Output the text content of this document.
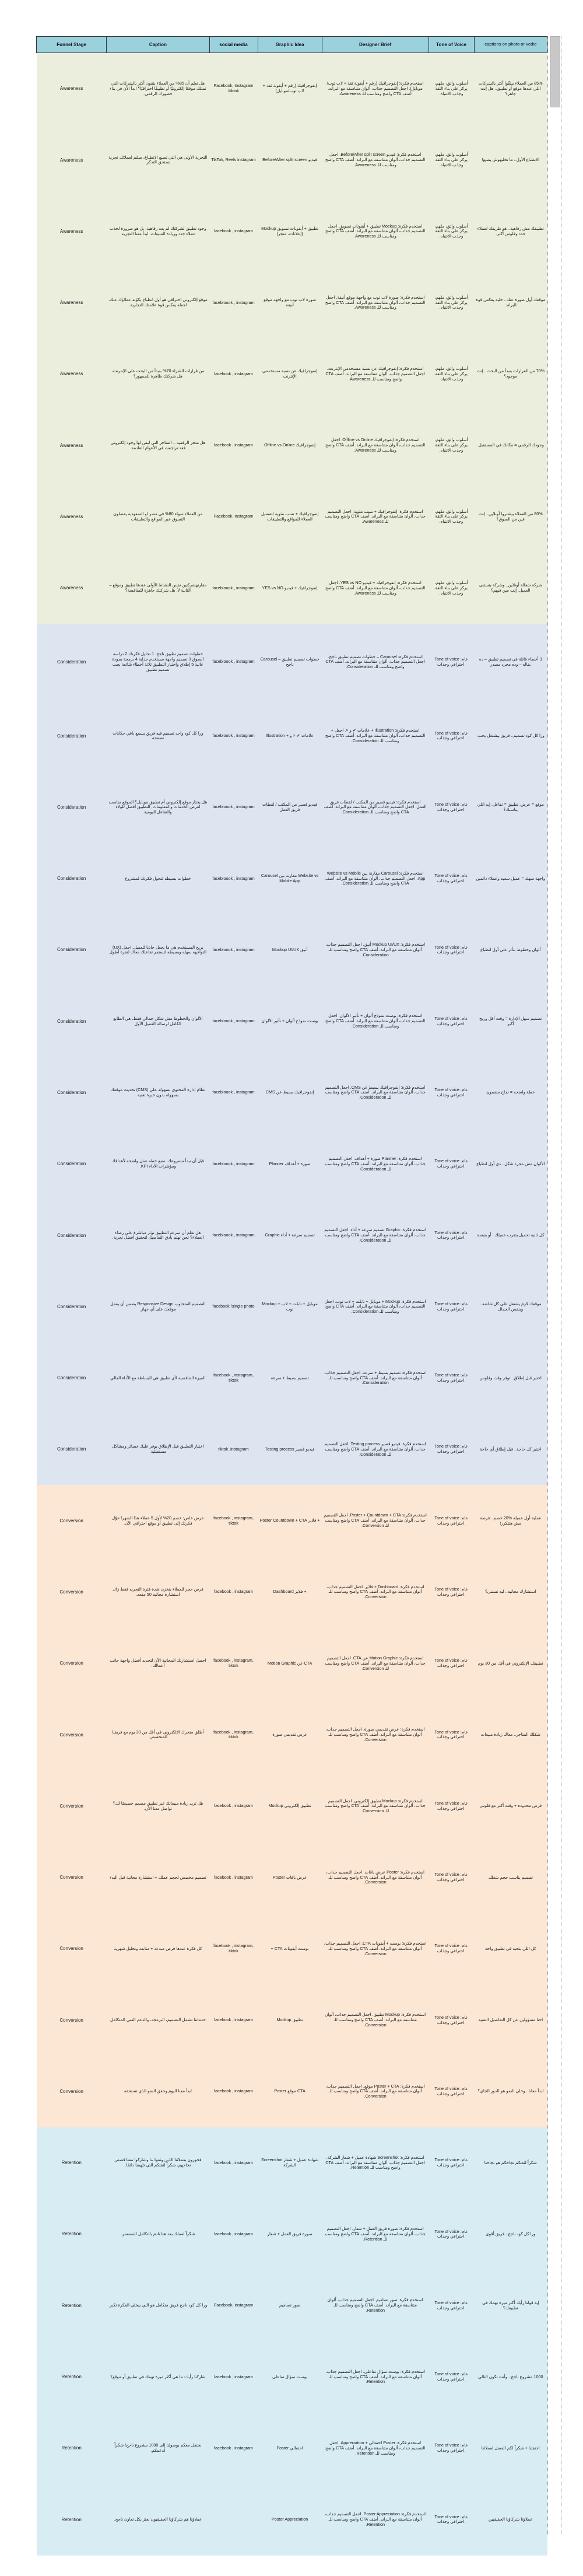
Funnel Stage	Caption	social media	Graphic Idea	Designer Brief	Tone of Voice	captions on photo or vedio
Awareness	هل تعلم أن 85% من العملاء يثقون أكثر بالشركات التي تمتلك موقعًا إلكترونيًا أو تطبيقًا احترافيًا؟ ابدأ الآن في بناء حضورك الرقمي.	Facebook, Instagram /tiktok	إنفوجرافيك (رقم + أيقونة ثقة + لاب توب/موبايل)	استخدم فكرة: إنفوجرافيك (رقم + أيقونة ثقة + لاب توب/موبايل). اجعل التصميم جذاب، ألوان متناسقة مع البراند. أضف CTA واضح ومناسب للـ Awareness.	أسلوب واثق، ملهم، يركز على بناء الثقة وجذب الانتباه.	85% من العملاء بيثقّوا أكتر بالشركات اللي عندها موقع أو تطبيق.. هل إنت جاهز؟
Awareness	التجربة الأولى هي التي تصنع الانطباع، صمّم لعملائك تجربة تستحق التذكر.	TikTok, Reels instagram	فيديو Before/After split screen	استخدم فكرة: فيديو Before/After split screen. اجعل التصميم جذاب، ألوان متناسقة مع البراند. أضف CTA واضح ومناسب للـ Awareness.	أسلوب واثق، ملهم، يركز على بناء الثقة وجذب الانتباه.	الانطباع الأول.. ما تخليهوش يضيع!
Awareness	وجود تطبيق لشركتك لم يعد رفاهية، بل هو ضرورة لجذب عملاء جدد وزيادة المبيعات. ابدأ معنا التجربة.	facebook , instagram	Mockup تطبيق + أيقونات تسويق (إعلانات، متجر)	استخدم فكرة: Mockup تطبيق + أيقونات تسويق. اجعل التصميم جذاب، ألوان متناسقة مع البراند. أضف CTA واضح ومناسب للـ Awareness.	أسلوب واثق، ملهم، يركز على بناء الثقة وجذب الانتباه.	تطبيقك مش رفاهية.. هو طريقك لعملاء جدد وفلوس أكتر.
Awareness	موقع إلكتروني احترافي هو أول انطباع يكوّنه عملاؤك عنك، اجعله يعكس قوة علامتك التجارية.	facebloook , instagram	صورة لاب توب مع واجهة موقع أنيقة	استخدم فكرة: صورة لاب توب مع واجهة موقع أنيقة. اجعل التصميم جذاب، ألوان متناسقة مع البراند. أضف CTA واضح ومناسب للـ Awareness.	أسلوب واثق، ملهم، يركز على بناء الثقة وجذب الانتباه.	موقعك أول صورة عنك.. خليه يعكس قوة البراند.
Awareness	من قرارات الشراء 70% بتبدأ من البحث على الإنترنت، هل شركتك ظاهرة للجمهور؟	facebook , instagram	إنفوجرافيك عن نسبة مستخدمي الإنترنت	استخدم فكرة: إنفوجرافيك عن نسبة مستخدمي الإنترنت. اجعل التصميم جذاب، ألوان متناسقة مع البراند. أضف CTA واضح ومناسب للـ Awareness.	أسلوب واثق، ملهم، يركز على بناء الثقة وجذب الانتباه.	70% من القرارات بتبدأ من البحث.. إنت موجود؟
Awareness	هل متجر الرقمية – المتاجر التي ليس لها وجود إلكتروني فقد تراجعت في الأعوام القادمة.	facebook , instagram	إنفوجرافيك Offline vs Online	استخدم فكرة: إنفوجرافيك Offline vs Online. اجعل التصميم جذاب، ألوان متناسقة مع البراند. أضف CTA واضح ومناسب للـ Awareness.	أسلوب واثق، ملهم، يركز على بناء الثقة وجذب الانتباه.	وجودك الرقمي = مكانك في المستقبل.
Awareness	من العملاء سواء 80% في مصر او السعوديه يفضلون التسوق عبر المواقع والتطبيقات	Facebook, Instagram	إنفوجرافيك + نسب مئوية لتفضيل العملاء للمواقع والتطبيقات	استخدم فكرة: إنفوجرافيك + نسب مئوية. اجعل التصميم جذاب، ألوان متناسقة مع البراند. أضف CTA واضح ومناسب للـ Awareness.	أسلوب واثق، ملهم، يركز على بناء الثقة وجذب الانتباه.	80% من العملاء بيشتروا أونلاين.. إنت فين من السوق؟
Awareness	مقارنهشركتين نفس النشاط الأولى عندها تطبيق وموقع – الثانية لأ. هل شركتك جاهزة للمنافسة؟	facebloook , instagram	إنفوجرافيك + فيديو YES vs NO	استخدم فكرة: إنفوجرافيك + فيديو YES vs NO. اجعل التصميم جذاب، ألوان متناسقة مع البراند. أضف CTA واضح ومناسب للـ Awareness.	أسلوب واثق، ملهم، يركز على بناء الثقة وجذب الانتباه.	شركة شغالة أونلاين.. وشركة بتستنى العميل. إنت مين فيهم؟
Consideration	خطوات تصميم تطبيق ناجح: 1 تحليل فكرتك 2 دراسة السوق 3 تصميم واجهة مستخدم جذابة 4 برمجة بجودة عالية 5 إطلاق واختبار التطبيق ثلاثة أخطاء شائعة بحب تصميم تطبيق	facebloook , instagram	Carousel – خطوات تصميم تطبيق ناجح	استخدم فكرة: Carousel – خطوات تصميم تطبيق ناجح. اجعل التصميم جذاب، ألوان متناسقة مع البراند. أضف CTA واضح ومناسب للـ Consideration.	Tone of voice عام: احترافي وجذاب.	3 أخطاء قاتلة في تصميم تطبيق – ده بقاله – وده مجرد مصدر
Consideration	ورا كل كود واحد تصميم فيه فريق يسمع باقي حكايات تصفحه	facebloook , instagram	Illustration + علامات ✔ × و	استخدم فكرة: Illustration + علامات ✔ و ×. اجعل + التصميم جذاب، ألوان متناسقة مع البراند. أضف CTA واضح ومناسب للـ Consideration.	Tone of voice عام: احترافي وجذاب.	ورا كل كود تصميم.. فريق بيشتغل بحب.
Consideration	هل يختار موقع إلكتروني أم تطبيق موبايل؟ الموقع مناسب لعرض الخدمات والمعلومات, التطبيق أفضل للولاء والتفاعل اليومية	facebloook , instagram	فيديو قصير من المكتب / لقطات فريق العمل	استخدم فكرة: فيديو قصير من المكتب / لقطات فريق العمل. اجعل التصميم جذاب، ألوان متناسقة مع البراند. أضف CTA واضح ومناسب للـ Consideration.	Tone of voice عام: احترافي وجذاب.	موقع = عرض. تطبيق = تفاعل. إيه اللي يناسبك؟
Consideration	خطوات بسيطه لتحول فكرتك لمشروع	facebloook , instagram	Carousel مقارنة بين Website vs Mobile App	استخدم فكرة: Carousel مقارنة بين Website vs Mobile App. اجعل التصميم جذاب، ألوان متناسقة مع البراند. أضف CTA واضح ومناسب للـ Consideration.	Tone of voice عام: احترافي وجذاب.	واجهة سهلة = عميل سعيد وعملاء دائمين
Consideration	(UX) يريح المستخدم هي ما يجعل جاذبا للعميل, اجعل التواجهه سهله وبسيطه لتستمر تفاعلك معاك لفترة أطول	facebloook , instagram	أنيق Mockup UI/UX	استخدم فكرة: Mockup UI/UX أنيق. اجعل التصميم جذاب، ألوان متناسقة مع البراند. أضف CTA واضح ومناسب للـ Consideration.	Tone of voice عام: احترافي وجذاب.	ألوان وخطوط بتأثر على أول انطباع
Consideration	الألوان والخطوط مش شكل جمالي فقط، هي الطابع الكامل لرسالة العميل الأول	facebloook , instagram	بوست نموذج ألوان + تأثير الألوان	استخدم فكرة: بوست نموذج ألوان + تأثير الألوان. اجعل التصميم جذاب، ألوان متناسقة مع البراند. أضف CTA واضح ومناسب للـ Consideration.	Tone of voice عام: احترافي وجذاب.	تصميم سهل الإدارة = وقت أقل وربح أكبر
Consideration	نظام إدارة المحتوى بسهولة على (CMS) تحديث موقعك بسهولة بدون خبرة تقنية	facebloook , instagram	إنفوجرافيك بسيط عن CMS	استخدم فكرة: إنفوجرافيك بسيط عن CMS. اجعل التصميم جذاب، ألوان متناسقة مع البراند. أضف CTA واضح ومناسب للـ Consideration.	Tone of voice عام: احترافي وجذاب.	خطة واضحه = نجاح مضمون
Consideration	قبل أن نبدأ مشروعك، نضع خطة عمل واضحة لأهدافك ومؤشرات الأداء KPI.	facebloook , instagram	Planner صورة + أهداف	استخدم فكرة: Planner صورة + أهداف. اجعل التصميم جذاب، ألوان متناسقة مع البراند. أضف CTA واضح ومناسب للـ Consideration.	Tone of voice عام: احترافي وجذاب.	الألوان مش مجرد شكل.. دي أول انطباع
Consideration	هل تعلم أن سرعة التطبيق تؤثر مباشرة على رضاء العملاء؟ نحن نهتم بأدق التفاصيل لتحقيق أفضل تجربة.	facebloook , instagram	Graphic تصميم سرعة + أداء	استخدم فكرة: Graphic تصميم سرعة + أداء. اجعل التصميم جذاب، ألوان متناسقة مع البراند. أضف CTA واضح ومناسب للـ Consideration.	Tone of voice عام: احترافي وجذاب.	كل ثانية تحميل بتقرب عميلك.. أو بتبعده
Consideration	التصميم المتجاوب Responsive Design يضمن أن يعمل موقعك على أي جهاز.	facebook /single photo	Mockup + موبايل + تابلت + لاب توب	استخدم فكرة: Mockup + موبايل + تابلت + لاب توب. اجعل التصميم جذاب، ألوان متناسقة مع البراند. أضف CTA واضح ومناسب للـ Consideration.	Tone of voice عام: احترافي وجذاب.	موقعك لازم يشتغل على كل شاشة.. وبنفس الجمال
Consideration	الميزة التنافسية لأي تطبيق هي البساطة مع الأداء العالي	facebook , instagram, tiktok	تصميم بسيط + سرعة	استخدم فكرة: تصميم بسيط + سرعة. اجعل التصميم جذاب، ألوان متناسقة مع البراند. أضف CTA واضح ومناسب للـ Consideration.	Tone of voice عام: احترافي وجذاب.	اختبر قبل إطلاق.. توفر وقت وفلوس
Consideration	اختبار التطبيق قبل الإطلاق يوفر عليك خسائر ومشاكل مستقبلية.	tiktok ,instagram	فيديو قصير Testing process	استخدم فكرة: فيديو قصير Testing process. اجعل التصميم جذاب، ألوان متناسقة مع البراند. أضف CTA واضح ومناسب للـ Consideration.	Tone of voice عام: احترافي وجذاب.	اختبر كل حاجة.. قبل إطلاق أي حاجة
Conversion	عرض خاص: خصم 20% لأول 5 عملاء هذا الشهر! حوّل فكرتك إلى تطبيق أو موقع احترافي الآن.	facebook , instagram, tiktok	+ فلاير Poster Countdown + CTA	استخدم فكرة: Poster + Countdown + CTA. اجعل التصميم جذاب، ألوان متناسقة مع البراند. أضف CTA واضح ومناسب للـ Conversion.	Tone of voice عام: احترافي وجذاب.	عملية أول عميله %20 خصم.. فرصة مش هتتكرر!
Conversion	فرص حجز للعملاء بنخزن شدة فترة التجربه فقط زائد استشارة مجانيه 50 مقعد.	facebook , instagram	+ فلاير Dashboard	استخدم فكرة: Dashboard + فلاير. اجعل التصميم جذاب، ألوان متناسقة مع البراند. أضف CTA واضح ومناسب للـ Conversion.	Tone of voice عام: احترافي وجذاب.	استشارك مجانيه.. ليه تستنى؟
Conversion	احصل استشارتك المجانية الآن لتحديد أفضل واجهة جانب أعمالك.	facebook , instagram, tiktok	Motion Graphic عن CTA	استخدم فكرة: Motion Graphic عن CTA. اجعل التصميم جذاب، ألوان متناسقة مع البراند. أضف CTA واضح ومناسب للـ Conversion.	Tone of voice عام: احترافي وجذاب.	تطبيقك الإلكتروني في أقل من 30 يوم
Conversion	أطلق متجرك الإلكتروني في أقل من 30 يوم مع فريقنا المتخصص.	facebook , instagram, tiktok	عرض تقديمي صورة	استخدم فكرة: عرض تقديمي صورة. اجعل التصميم جذاب، ألوان متناسقة مع البراند. أضف CTA واضح ومناسب للـ Conversion.	Tone of voice عام: احترافي وجذاب.	شكلك المتاجر.. معاك زيادة مبيعات
Conversion	هل تريد زيادة مبيعاتك عبر تطبيق مصمم خصيصًا لك؟ تواصل معنا الآن.	facebook , instagram	Mockup تطبيق إلكتروني	استخدم فكرة: Mockup تطبيق إلكتروني. اجعل التصميم جذاب، ألوان متناسقة مع البراند. أضف CTA واضح ومناسب للـ Conversion.	Tone of voice عام: احترافي وجذاب.	فرص محدوده + وقت أكتر مع فلوس
Conversion	تصميم مخصص لحجم عملك + استشارة مجانية قبل البدء	facebook , instagram	Poster عرض باقات	استخدم فكرة: Poster عرض باقات. اجعل التصميم جذاب، ألوان متناسقة مع البراند. أضف CTA واضح ومناسب للـ Conversion.	Tone of voice عام: احترافي وجذاب.	تصميم يناسب حجم شغلك
Conversion	كل فكرة عندها فرص مبدعة + متابعة وتحليل شهرية	facebook , instagram, tiktok	بوست أيقونات CTA +	استخدم فكرة: بوست + أيقونات CTA. اجعل التصميم جذاب، ألوان متناسقة مع البراند. أضف CTA واضح ومناسب للـ Conversion.	Tone of voice عام: احترافي وجذاب.	كل اللي بتحبه في تطبيق واحد
Conversion	خدماتنا تشمل التصميم، البرمجة، والدعم الفني المتكامل	facebook , instagram	Mockup تطبيق	استخدم فكرة: Mockup تطبيق. اجعل التصميم جذاب، ألوان متناسقة مع البراند. أضف CTA واضح ومناسب للـ Conversion.	Tone of voice عام: احترافي وجذاب.	احنا مسؤولين عن كل التفاصيل التقنية
Conversion	ابدأ معنا اليوم وحقق النمو الذي تستحقه	facebook , instagram	Poster موقع CTA	استخدم فكرة: Poster + CTA موقع. اجعل التصميم جذاب، ألوان متناسقة مع البراند. أضف CTA واضح ومناسب للـ Conversion.	Tone of voice عام: احترافي وجذاب.	ابدأ معانا.. وخلي النمو هو الدور الجاي؟
Retention	فخورون بعملائنا الذين وثقوا بنا وشاركوا معنا قصص نجاحهم، شكراً لثقتكم التي تلهمنا دائمًا.	facebook , instagram	Screenshot شهادة عميل + شعار الشركة	استخدم فكرة: Screenshot شهادة عميل + شعار الشركة. اجعل التصميم جذاب، ألوان متناسقة مع البراند. أضف CTA واضح ومناسب للـ Retention.	Tone of voice عام: احترافي وجذاب.	شكراً لثقتكم نجاحكم هو نجاحنا
Retention	شكراً لعملك بعد هنا نادم بالتكامل للمستمر.	facebook , instagram	صورة فريق العمل + شعار	استخدم فكرة: صورة فريق العمل + شعار. اجعل التصميم جذاب، ألوان متناسقة مع البراند. أضف CTA واضح ومناسب للـ Retention.	Tone of voice عام: احترافي وجذاب.	ورا كل كود ناجح.. فريق أقوى
Retention	ورا كل كود ناجح فريق متكامل هو اللي بيخلي الفكرة تكبر.	Facebook, instagram	صور تصاميم	استخدم فكرة: صور تصاميم. اجعل التصميم جذاب، ألوان متناسقة مع البراند. أضف CTA واضح ومناسب للـ Retention.	Tone of voice عام: احترافي وجذاب.	إيه قولنا رأيك أكتر ميزة تهمك في تطبيقك؟
Retention	شاركنا رأيك: ما هي أكثر ميزة تهمك في تطبيق أو موقع؟	facebook , instagram	بوست سؤال تفاعلي	استخدم فكرة: بوست سؤال تفاعلي. اجعل التصميم جذاب، ألوان متناسقة مع البراند. أضف CTA واضح ومناسب للـ Retention.	Tone of voice عام: احترافي وجذاب.	1000 مشروع ناجح.. وأنت تكون التالي
Retention	نحتفل معكم بوصولنا إلى 1000 مشروع ناجح! شكراً لدعمكم.	facebook , instagram	Poster احتفالي	استخدم فكرة: Poster احتفالي + Appreciation. اجعل التصميم جذاب، ألوان متناسقة مع البراند. أضف CTA واضح ومناسب للـ Retention.	Tone of voice عام: احترافي وجذاب.	احتفلنا + شكراً لكم الفضل لعملائنا
Retention	عملاؤنا هم شركاؤنا الحقيقيون نعتز بكل تعاون ناجح.		Poster Appreciation	استخدم فكرة: Poster Appreciation. اجعل التصميم جذاب، ألوان متناسقة مع البراند. أضف CTA واضح ومناسب للـ Retention.	Tone of voice عام: احترافي وجذاب.	عملاؤنا شركاؤنا الحقيقيين
